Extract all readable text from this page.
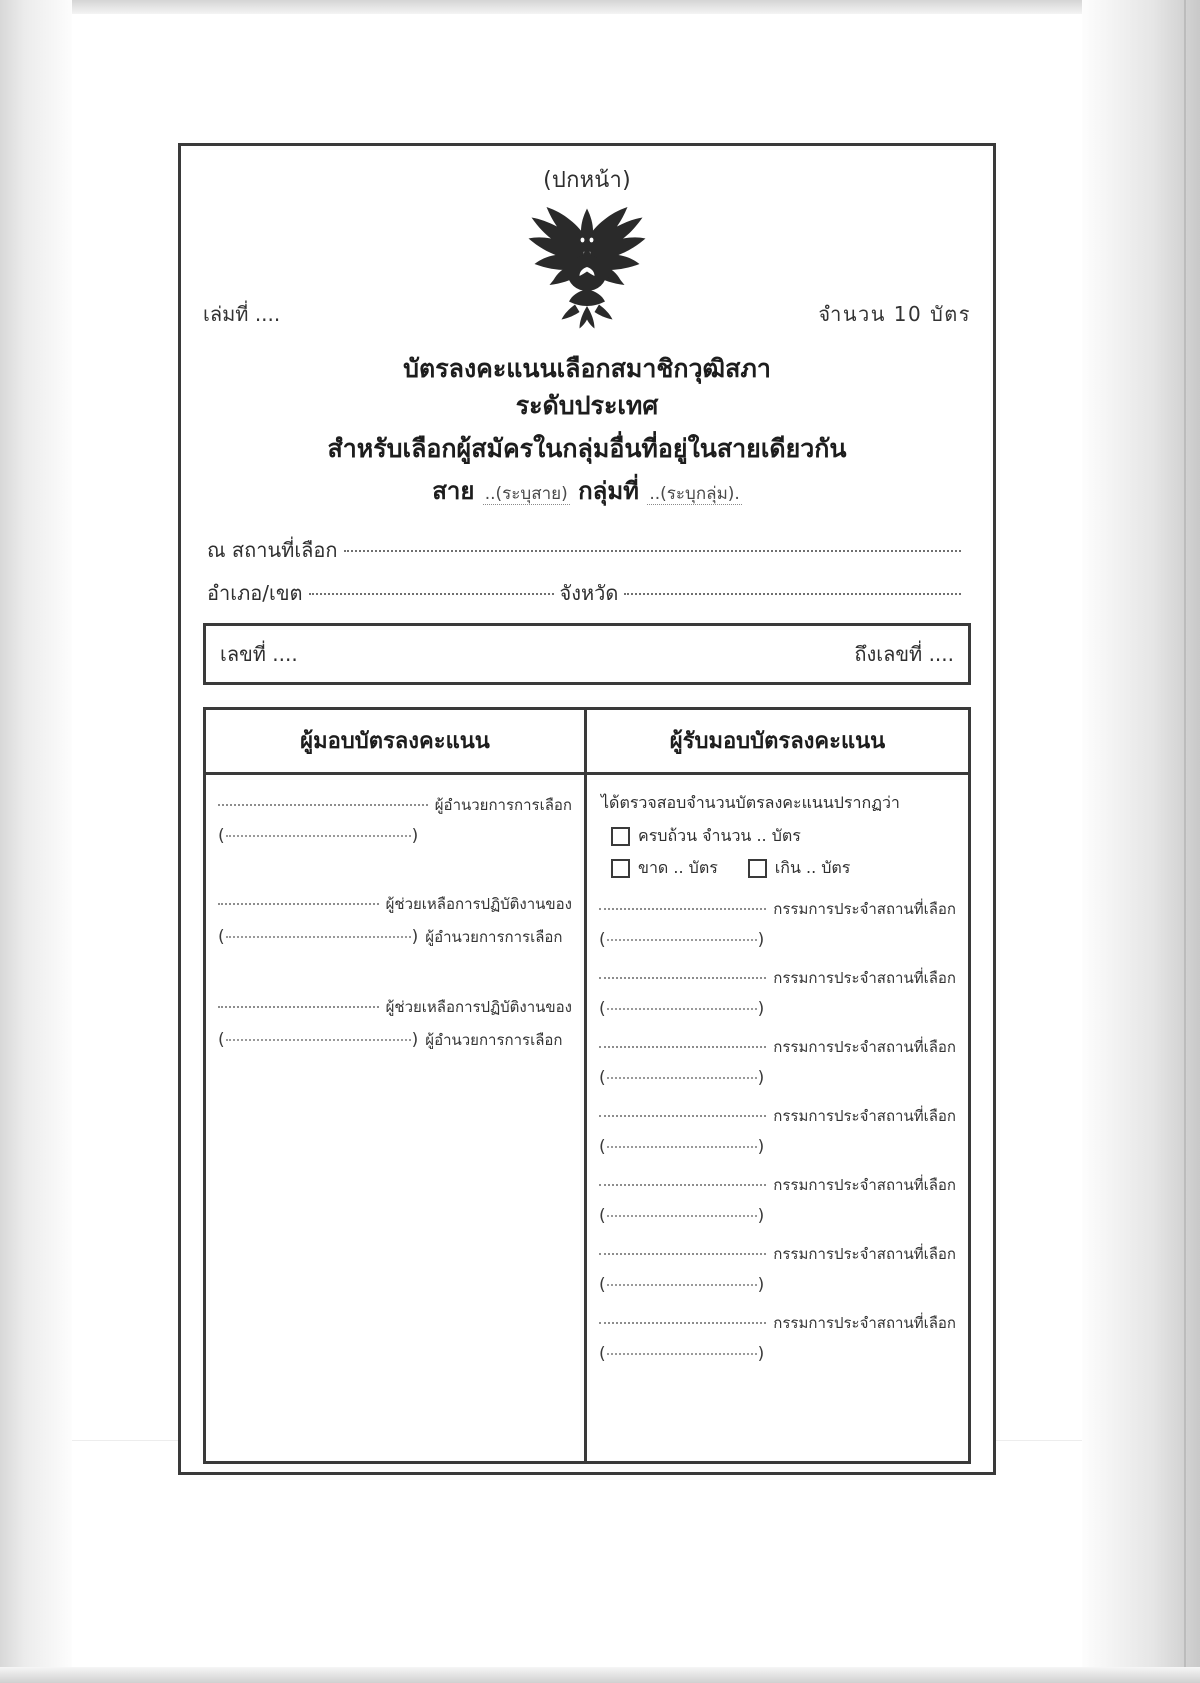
(ปกหน้า)
เล่มที่ ....	จำนวน 10 บัตร
บัตรลงคะแนนเลือกสมาชิกวุฒิสภา
ระดับประเทศ
สำหรับเลือกผู้สมัครในกลุ่มอื่นที่อยู่ในสายเดียวกัน
สาย ..(ระบุสาย) กลุ่มที่ ..(ระบุกลุ่ม).
ณ สถานที่เลือก
อำเภอ/เขต	จังหวัด
เลขที่ ....	ถึงเลขที่ ....
ผู้มอบบัตรลงคะแนน
ผู้อำนวยการการเลือก
(	)
ผู้ช่วยเหลือการปฏิบัติงานของ
(	) ผู้อำนวยการการเลือก
ผู้ช่วยเหลือการปฏิบัติงานของ
(	) ผู้อำนวยการการเลือก
ผู้รับมอบบัตรลงคะแนน
ได้ตรวจสอบจำนวนบัตรลงคะแนนปรากฏว่า
ครบถ้วน จำนวน .. บัตร
ขาด .. บัตร	เกิน .. บัตร
กรรมการประจำสถานที่เลือก
(	)
กรรมการประจำสถานที่เลือก
(	)
กรรมการประจำสถานที่เลือก
(	)
กรรมการประจำสถานที่เลือก
(	)
กรรมการประจำสถานที่เลือก
(	)
กรรมการประจำสถานที่เลือก
(	)
กรรมการประจำสถานที่เลือก
(	)
